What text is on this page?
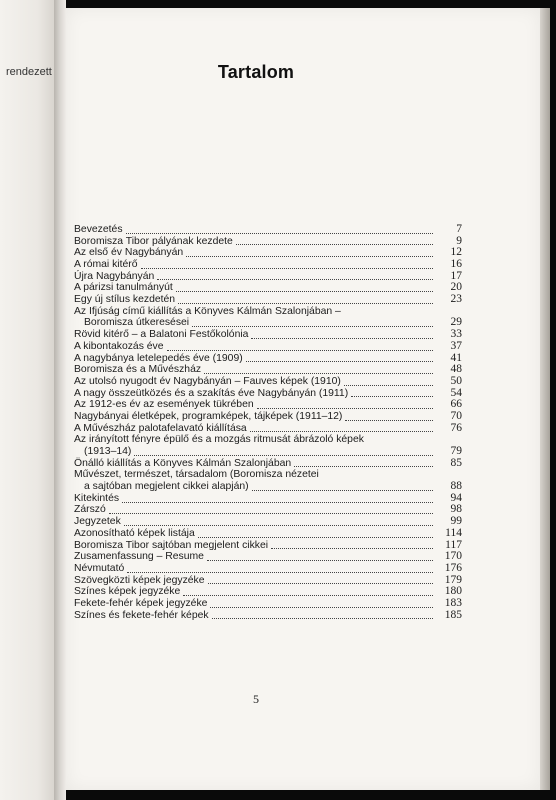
rendezett	Tartalom
Bevezetés	7
Boromisza Tibor pályának kezdete	9
Az első év Nagybányán	12
A római kitérő	16
Újra Nagybányán	17
A párizsi tanulmányút	20
Egy új stílus kezdetén	23
Az Ifjúság című kiállítás a Könyves Kálmán Szalonjában –
Boromisza útkeresései	29
Rövid kitérő – a Balatoni Festőkolónia	33
A kibontakozás éve	37
A nagybánya letelepedés éve (1909)	41
Boromisza és a Művészház	48
Az utolsó nyugodt év Nagybányán – Fauves képek (1910)	50
A nagy összeütközés és a szakítás éve Nagybányán (1911)	54
Az 1912-es év az események tükrében	66
Nagybányai életképek, programképek, tájképek (1911–12)	70
A Művészház palotafelavató kiállítása	76
Az irányított fényre épülő és a mozgás ritmusát ábrázoló képek
(1913–14)	79
Önálló kiállítás a Könyves Kálmán Szalonjában	85
Művészet, természet, társadalom (Boromisza nézetei
a sajtóban megjelent cikkei alapján)	88
Kitekintés	94
Zárszó	98
Jegyzetek	99
Azonosítható képek listája	114
Boromisza Tibor sajtóban megjelent cikkei	117
Zusamenfassung – Resume	170
Névmutató	176
Szövegközti képek jegyzéke	179
Színes képek jegyzéke	180
Fekete-fehér képek jegyzéke	183
Színes és fekete-fehér képek	185
5
